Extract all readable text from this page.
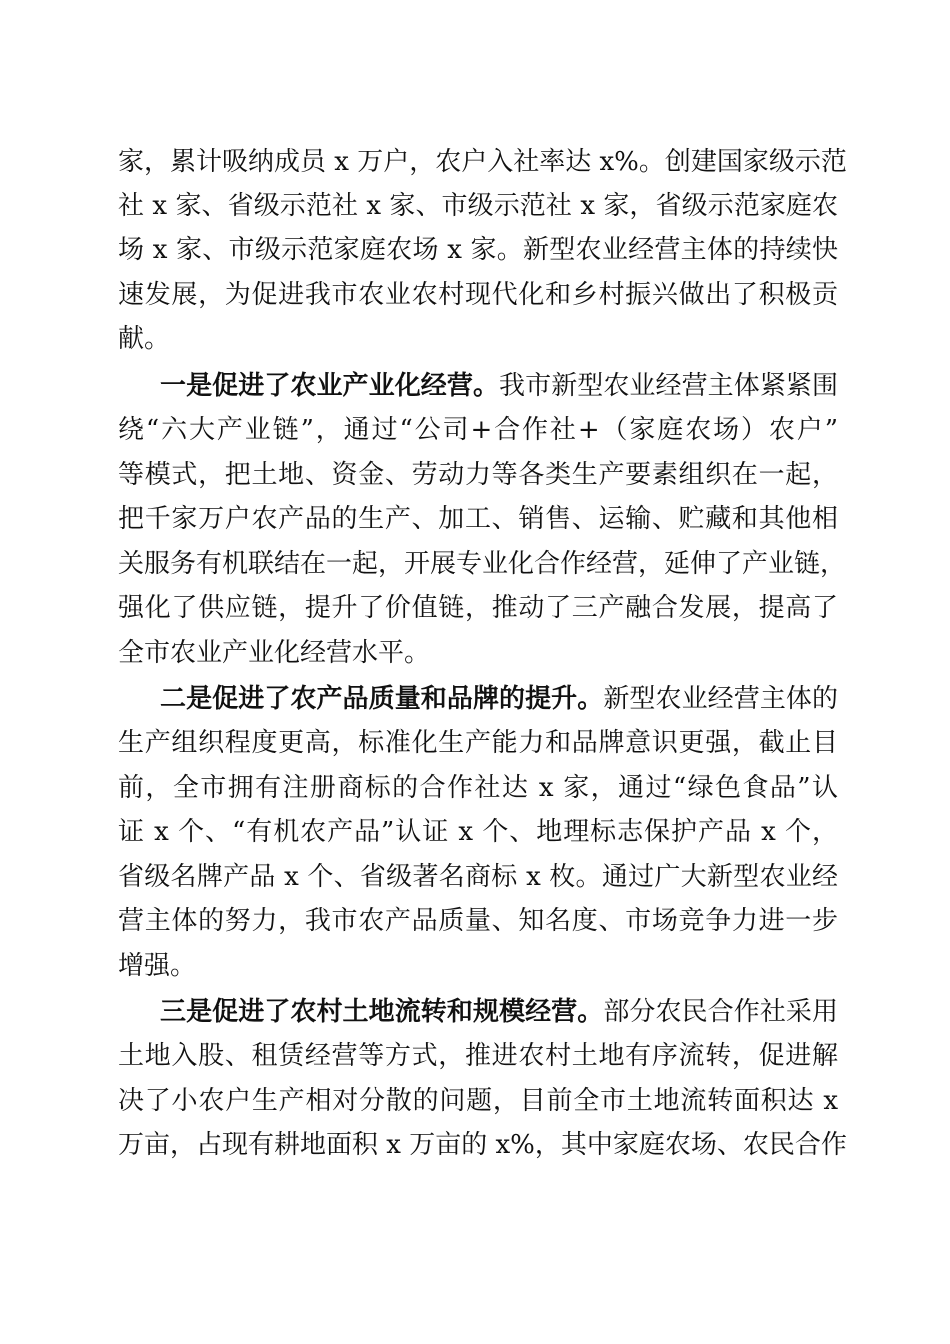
家，累计吸纳成员 x 万户，农户入社率达 x%。创建国家级示范
社 x 家、省级示范社 x 家、市级示范社 x 家，省级示范家庭农
场 x 家、市级示范家庭农场 x 家。新型农业经营主体的持续快
速发展，为促进我市农业农村现代化和乡村振兴做出了积极贡
献。
一是促进了农业产业化经营。我市新型农业经营主体紧紧围
绕“六大产业链”，通过“公司+合作社+（家庭农场）农户”
等模式，把土地、资金、劳动力等各类生产要素组织在一起，
把千家万户农产品的生产、加工、销售、运输、贮藏和其他相
关服务有机联结在一起，开展专业化合作经营，延伸了产业链，
强化了供应链，提升了价值链，推动了三产融合发展，提高了
全市农业产业化经营水平。
二是促进了农产品质量和品牌的提升。新型农业经营主体的
生产组织程度更高，标准化生产能力和品牌意识更强，截止目
前，全市拥有注册商标的合作社达 x 家，通过“绿色食品”认
证 x 个、“有机农产品”认证 x 个、地理标志保护产品 x 个，
省级名牌产品 x 个、省级著名商标 x 枚。通过广大新型农业经
营主体的努力，我市农产品质量、知名度、市场竞争力进一步
增强。
三是促进了农村土地流转和规模经营。部分农民合作社采用
土地入股、租赁经营等方式，推进农村土地有序流转，促进解
决了小农户生产相对分散的问题，目前全市土地流转面积达 x
万亩，占现有耕地面积 x 万亩的 x%，其中家庭农场、农民合作
